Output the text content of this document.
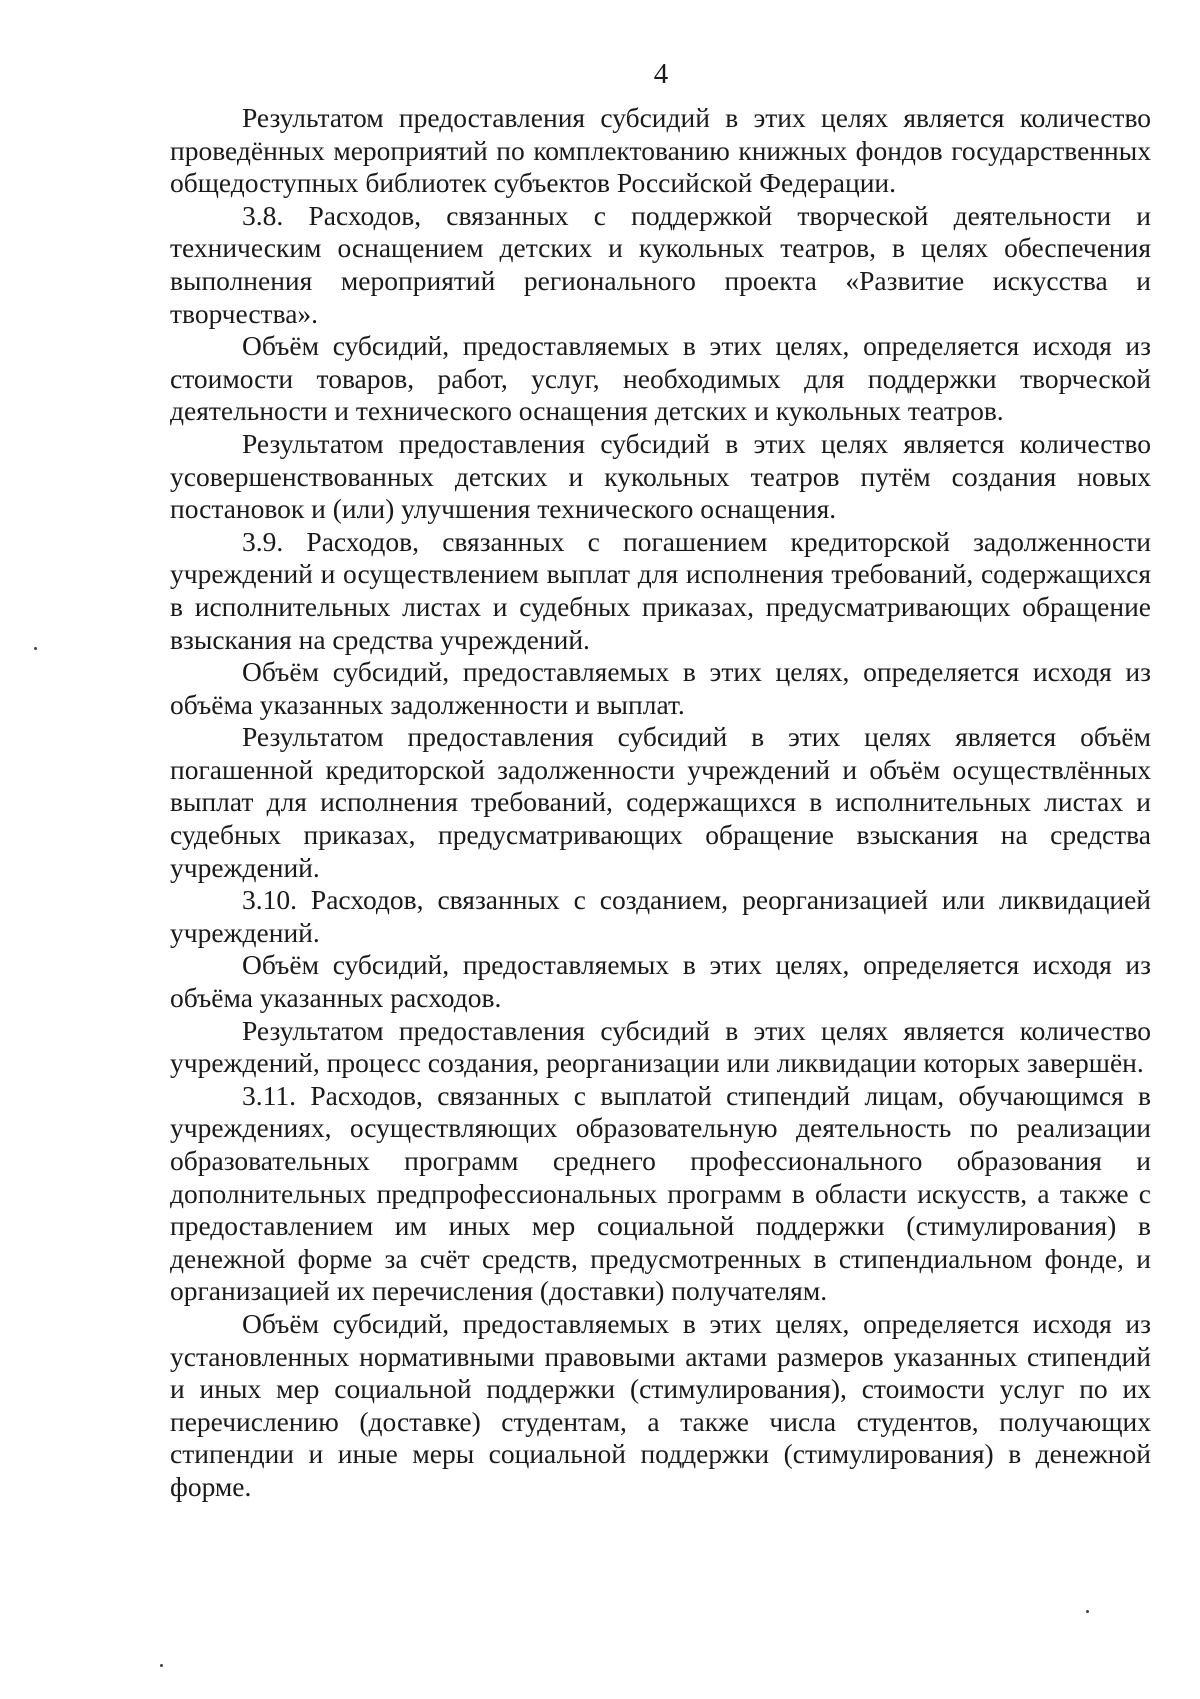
4

Результатом предоставления субсидий в этих целях является количество проведённых мероприятий по комплектованию книжных фондов государственных общедоступных библиотек субъектов Российской Федерации.

3.8. Расходов, связанных с поддержкой творческой деятельности и техническим оснащением детских и кукольных театров, в целях обеспечения выполнения мероприятий регионального проекта «Развитие искусства и творчества».

Объём субсидий, предоставляемых в этих целях, определяется исходя из стоимости товаров, работ, услуг, необходимых для поддержки творческой деятельности и технического оснащения детских и кукольных театров.

Результатом предоставления субсидий в этих целях является количество усовершенствованных детских и кукольных театров путём создания новых постановок и (или) улучшения технического оснащения.

3.9. Расходов, связанных с погашением кредиторской задолженности учреждений и осуществлением выплат для исполнения требований, содержащихся в исполнительных листах и судебных приказах, предусматривающих обращение взыскания на средства учреждений.

Объём субсидий, предоставляемых в этих целях, определяется исходя из объёма указанных задолженности и выплат.

Результатом предоставления субсидий в этих целях является объём погашенной кредиторской задолженности учреждений и объём осуществлённых выплат для исполнения требований, содержащихся в исполнительных листах и судебных приказах, предусматривающих обращение взыскания на средства учреждений.

3.10. Расходов, связанных с созданием, реорганизацией или ликвидацией учреждений.

Объём субсидий, предоставляемых в этих целях, определяется исходя из объёма указанных расходов.

Результатом предоставления субсидий в этих целях является количество учреждений, процесс создания, реорганизации или ликвидации которых завершён.

3.11. Расходов, связанных с выплатой стипендий лицам, обучающимся в учреждениях, осуществляющих образовательную деятельность по реализации образовательных программ среднего профессионального образования и дополнительных предпрофессиональных программ в области искусств, а также с предоставлением им иных мер социальной поддержки (стимулирования) в денежной форме за счёт средств, предусмотренных в стипендиальном фонде, и организацией их перечисления (доставки) получателям.

Объём субсидий, предоставляемых в этих целях, определяется исходя из установленных нормативными правовыми актами размеров указанных стипендий и иных мер социальной поддержки (стимулирования), стоимости услуг по их перечислению (доставке) студентам, а также числа студентов, получающих стипендии и иные меры социальной поддержки (стимулирования) в денежной форме.
